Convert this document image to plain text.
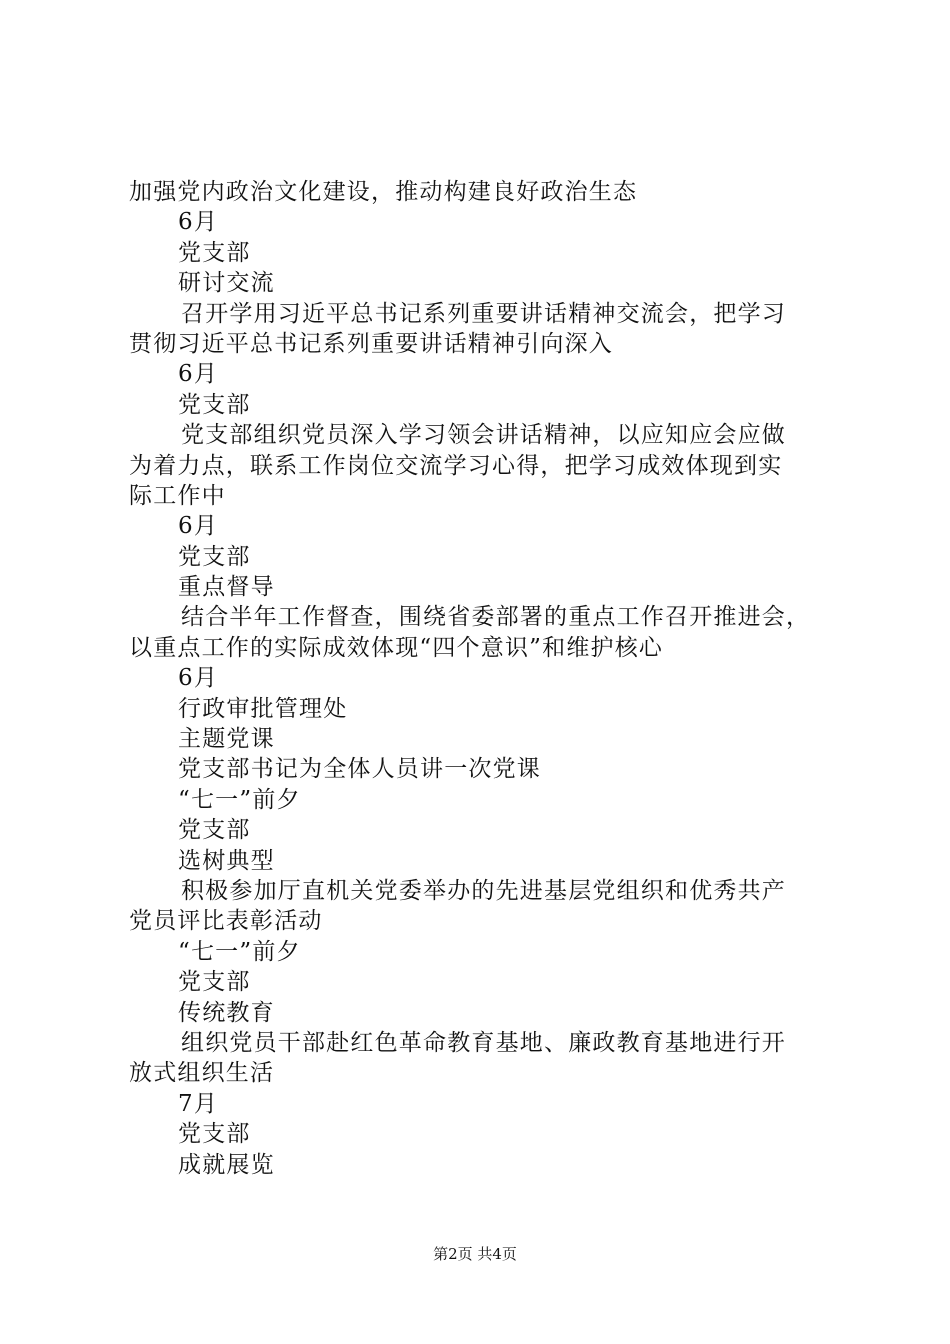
加强党内政治文化建设，推动构建良好政治生态
6月
党支部
研讨交流
召开学用习近平总书记系列重要讲话精神交流会，把学习
贯彻习近平总书记系列重要讲话精神引向深入
6月
党支部
党支部组织党员深入学习领会讲话精神，以应知应会应做
为着力点，联系工作岗位交流学习心得，把学习成效体现到实
际工作中
6月
党支部
重点督导
结合半年工作督查，围绕省委部署的重点工作召开推进会，
以重点工作的实际成效体现“四个意识”和维护核心
6月
行政审批管理处
主题党课
党支部书记为全体人员讲一次党课
“七一”前夕
党支部
选树典型
积极参加厅直机关党委举办的先进基层党组织和优秀共产
党员评比表彰活动
“七一”前夕
党支部
传统教育
组织党员干部赴红色革命教育基地、廉政教育基地进行开
放式组织生活
7月
党支部
成就展览
第2页 共4页
